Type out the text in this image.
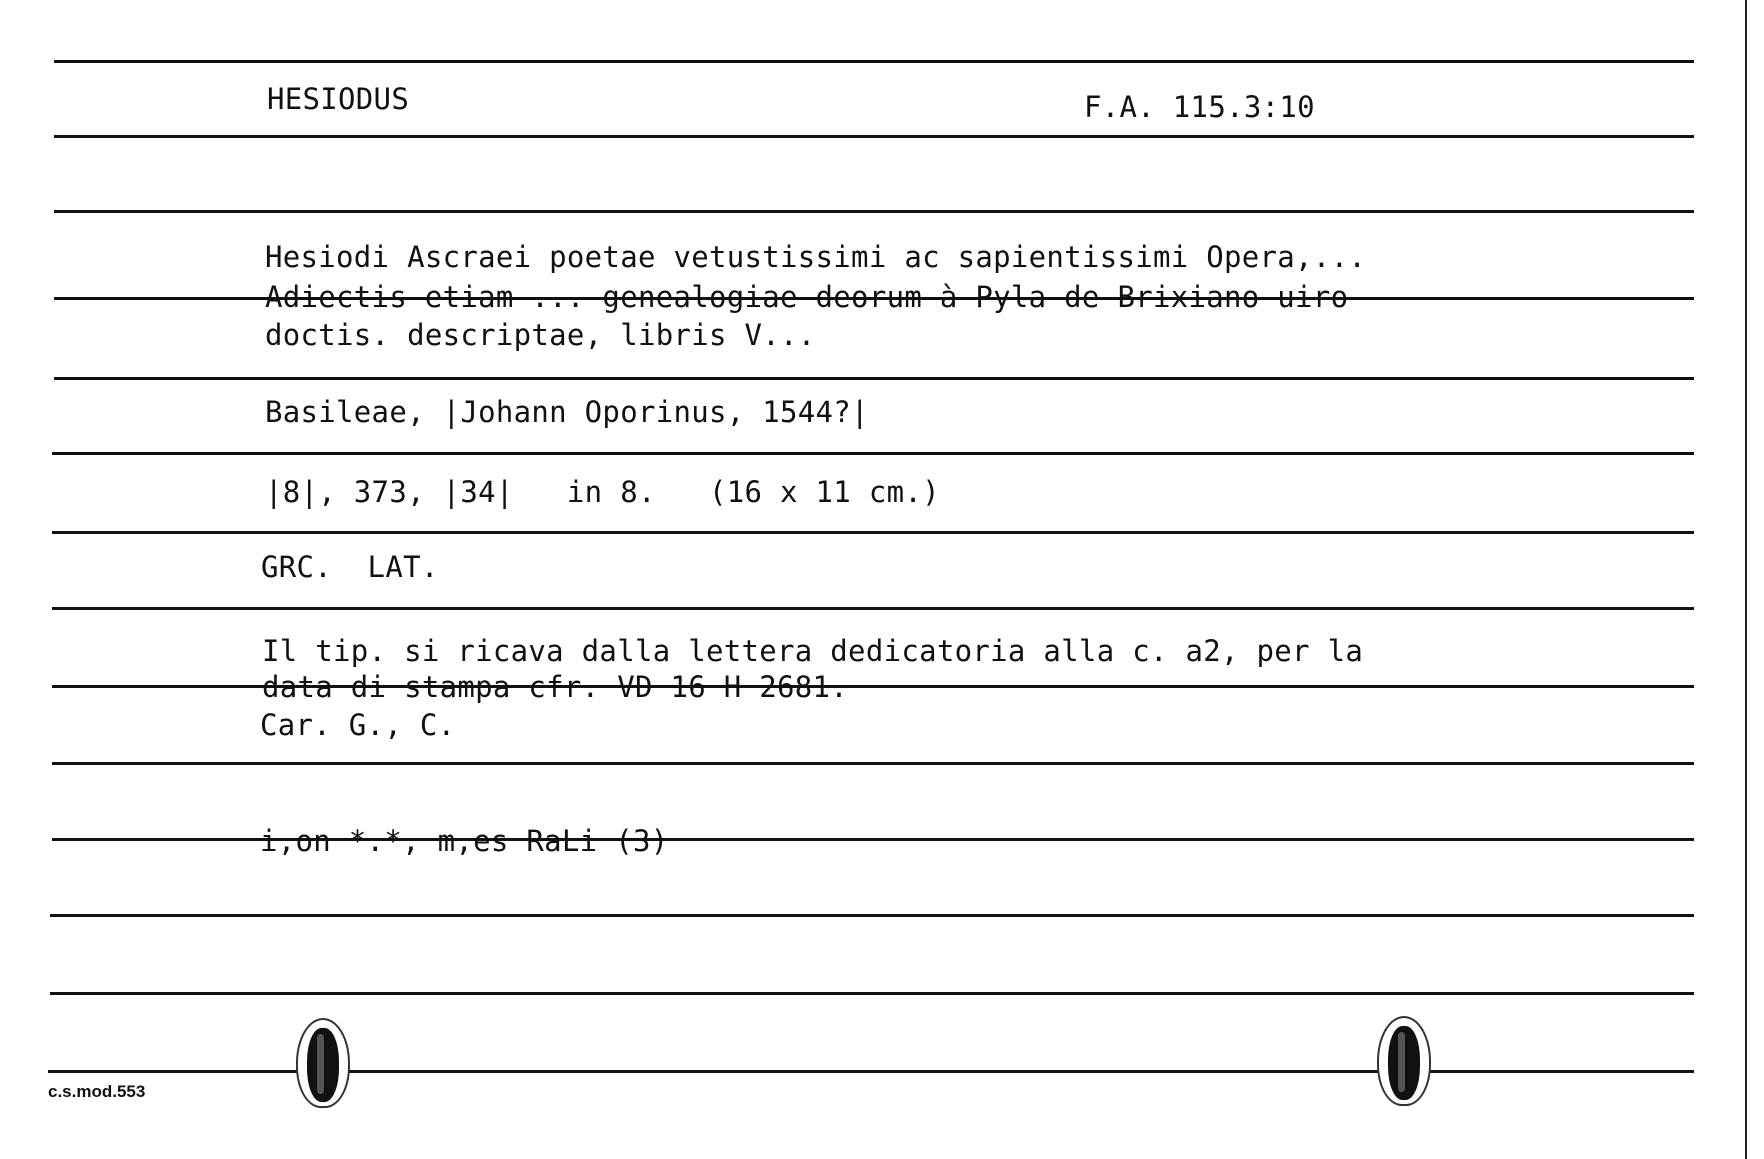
HESIODUS	F.A. 115.3:10
Hesiodi Ascraei poetae vetustissimi ac sapientissimi Opera,...
Adiectis etiam ... genealogiae deorum à Pyla de Brixiano uiro
doctis. descriptae, libris V...
Basileae, |Johann Oporinus, 1544?|
|8|, 373, |34|   in 8.   (16 x 11 cm.)
GRC.  LAT.
Il tip. si ricava dalla lettera dedicatoria alla c. a2, per la
data di stampa cfr. VD 16 H 2681.
Car. G., C.
i,on *.*, m,es RaLi (3)
c.s.mod.553
